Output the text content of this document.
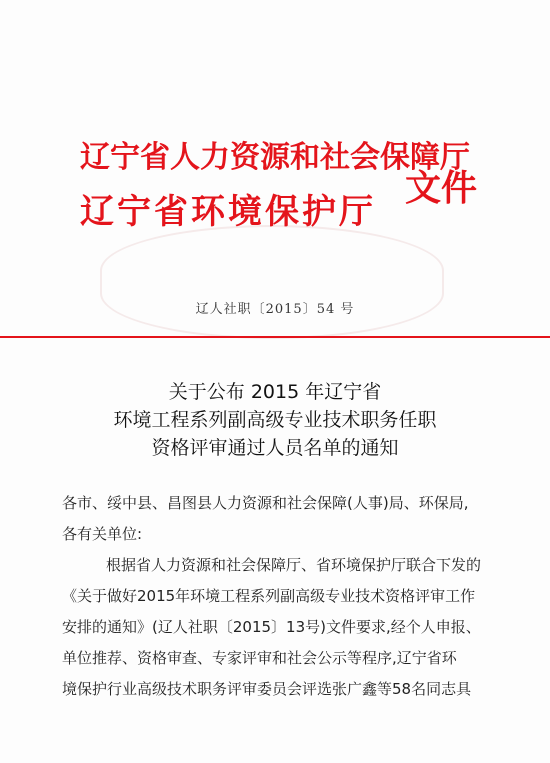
辽宁省人力资源和社会保障厅
辽宁省环境保护厅
文件
辽人社职〔2015〕54 号
关于公布 2015 年辽宁省
环境工程系列副高级专业技术职务任职
资格评审通过人员名单的通知
各市、绥中县、昌图县人力资源和社会保障(人事)局、环保局,
各有关单位:
根据省人力资源和社会保障厅、省环境保护厅联合下发的
《关于做好2015年环境工程系列副高级专业技术资格评审工作
安排的通知》(辽人社职〔2015〕13号)文件要求,经个人申报、
单位推荐、资格审查、专家评审和社会公示等程序,辽宁省环
境保护行业高级技术职务评审委员会评选张广鑫等58名同志具
